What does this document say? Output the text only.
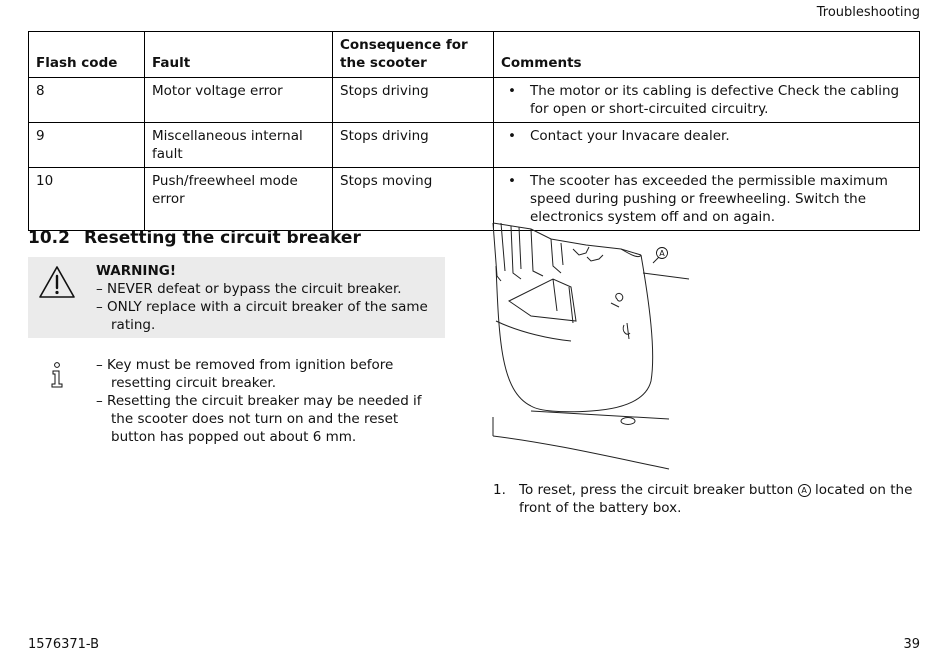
Troubleshooting
Flash code	Fault	Consequence for the scooter	Comments
8	Motor voltage error	Stops driving	• The motor or its cabling is defective Check the cabling for open or short-circuited circuitry.

9	Miscellaneous internal fault	Stops driving	• Contact your Invacare dealer.

10	Push/freewheel mode error	Stops moving	• The scooter has exceeded the permissible maximum speed during pushing or freewheeling. Switch the electronics system off and on again.
10.2 Resetting the circuit breaker
WARNING!
– NEVER defeat or bypass the circuit breaker.
– ONLY replace with a circuit breaker of the same rating.
– Key must be removed from ignition before resetting circuit breaker.
– Resetting the circuit breaker may be needed if the scooter does not turn on and the reset button has popped out about 6 mm.
A
1. To reset, press the circuit breaker button A located on the front of the battery box.
1576371-B	39
